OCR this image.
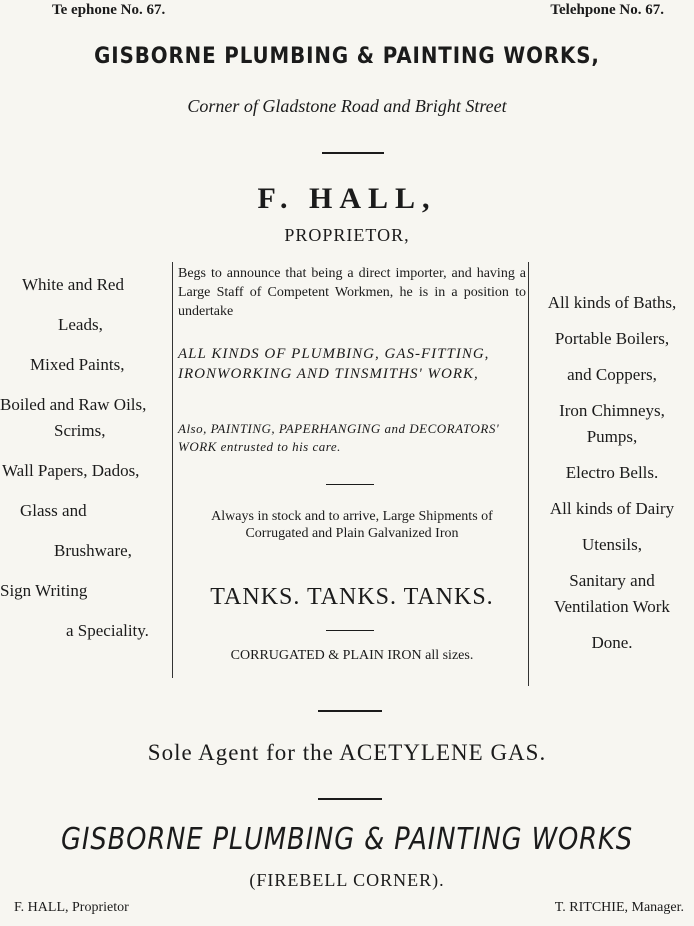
Te ephone No. 67.	Telehpone No. 67.
GISBORNE PLUMBING & PAINTING WORKS,
Corner of Gladstone Road and Bright Street
F. HALL,
PROPRIETOR,
White and Red
Leads,
Mixed Paints,
Boiled and Raw Oils,
Scrims,
Wall Papers, Dados,
Glass and
Brushware,
Sign Writing
a Speciality.
Begs to announce that being a direct importer, and having a Large Staff of Competent Workmen, he is in a position to undertake
ALL KINDS OF PLUMBING, GAS-FITTING, IRONWORKING AND TINSMITHS' WORK,
Also, PAINTING, PAPERHANGING and DECORATORS' WORK entrusted to his care.
Always in stock and to arrive, Large Shipments of Corrugated and Plain Galvanized Iron
TANKS. TANKS. TANKS.
CORRUGATED & PLAIN IRON all sizes.
All kinds of Baths,
Portable Boilers,
and Coppers,
Iron Chimneys,
Pumps,
Electro Bells.
All kinds of Dairy
Utensils,
Sanitary and
Ventilation Work
Done.
Sole Agent for the ACETYLENE GAS.
GISBORNE PLUMBING & PAINTING WORKS
(FIREBELL CORNER).
F. HALL, Proprietor	T. RITCHIE, Manager.
